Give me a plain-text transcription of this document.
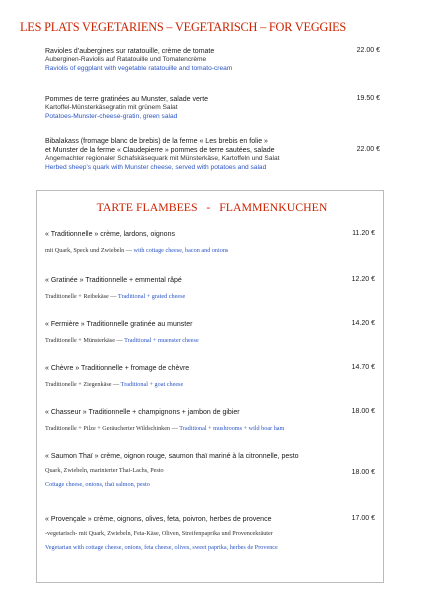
LES PLATS VEGETARIENS – VEGETARISCH – FOR VEGGIES
Ravioles d’aubergines sur ratatouille, crème de tomate
Auberginen-Raviolis auf Ratatouille und Tomatencrème
Raviolis of eggplant with vegetable ratatouille and tomato-cream
22.00 €
Pommes de terre gratinées au Munster, salade verte
Kartoffel-Münsterkäsegratin mit grünem Salat
Potatoes-Munster-cheese-gratin, green salad
19.50 €
Bibalakass (fromage blanc de brebis) de la ferme « Les brebis en folie »
et Munster de la ferme « Claudepierre » pommes de terre sautées, salade
Angemachter regionaler Schafskäsequark mit Münsterkäse, Kartoffeln und Salat
Herbed sheep’s quark with Munster cheese, served with potatoes and salad
22.00 €
TARTE FLAMBEES   -   FLAMMENKUCHEN
« Traditionnelle » crème, lardons, oignons
mit Quark, Speck und Zwiebeln — with cottage cheese, bacon and onions
11.20 €
« Gratinée » Traditionnelle + emmental râpé
Traditionelle + Reibekäse — Traditional + grated cheese
12.20 €
« Fermière » Traditionnelle gratinée au munster
Traditionelle + Münsterkäse — Traditional + muenster cheese
14.20 €
« Chèvre » Traditionnelle + fromage de chèvre
Traditionelle + Ziegenkäse — Traditional + goat cheese
14.70 €
« Chasseur » Traditionnelle + champignons + jambon de gibier
Traditionelle + Pilze + Geräucherter Wildschinken — Traditional + mushrooms + wild boar ham
18.00 €
« Saumon Thaï » crème, oignon rouge, saumon thaï mariné à la citronnelle, pesto
Quark, Zwiebeln, marinierter Thai-Lachs, Pesto
Cottage cheese, onions, thaï salmon, pesto
18.00 €
« Provençale » crème, oignons, olives, feta, poivron, herbes de provence
-vegetarisch- mit Quark, Zwiebeln, Feta-Käse, Oliven, Streifenpaprika und Provencekräuter
Vegetarian with cottage cheese, onions, feta cheese, olives, sweet paprika, herbes de Provence
17.00 €
